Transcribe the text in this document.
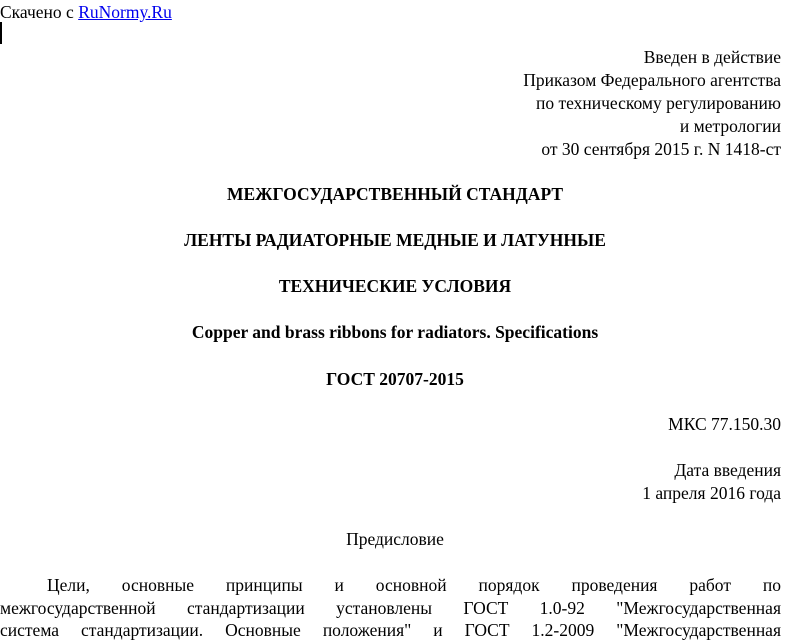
Скачено с RuNormy.Ru
Введен в действие
Приказом Федерального агентства
по техническому регулированию
и метрологии
от 30 сентября 2015 г. N 1418-ст
МЕЖГОСУДАРСТВЕННЫЙ СТАНДАРТ
ЛЕНТЫ РАДИАТОРНЫЕ МЕДНЫЕ И ЛАТУННЫЕ
ТЕХНИЧЕСКИЕ УСЛОВИЯ
Copper and brass ribbons for radiators. Specifications
ГОСТ 20707-2015
МКС 77.150.30
Дата введения
1 апреля 2016 года
Предисловие
Цели, основные принципы и основной порядок проведения работ по
межгосударственной стандартизации установлены ГОСТ 1.0-92 "Межгосударственная
система стандартизации. Основные положения" и ГОСТ 1.2-2009 "Межгосударственная
